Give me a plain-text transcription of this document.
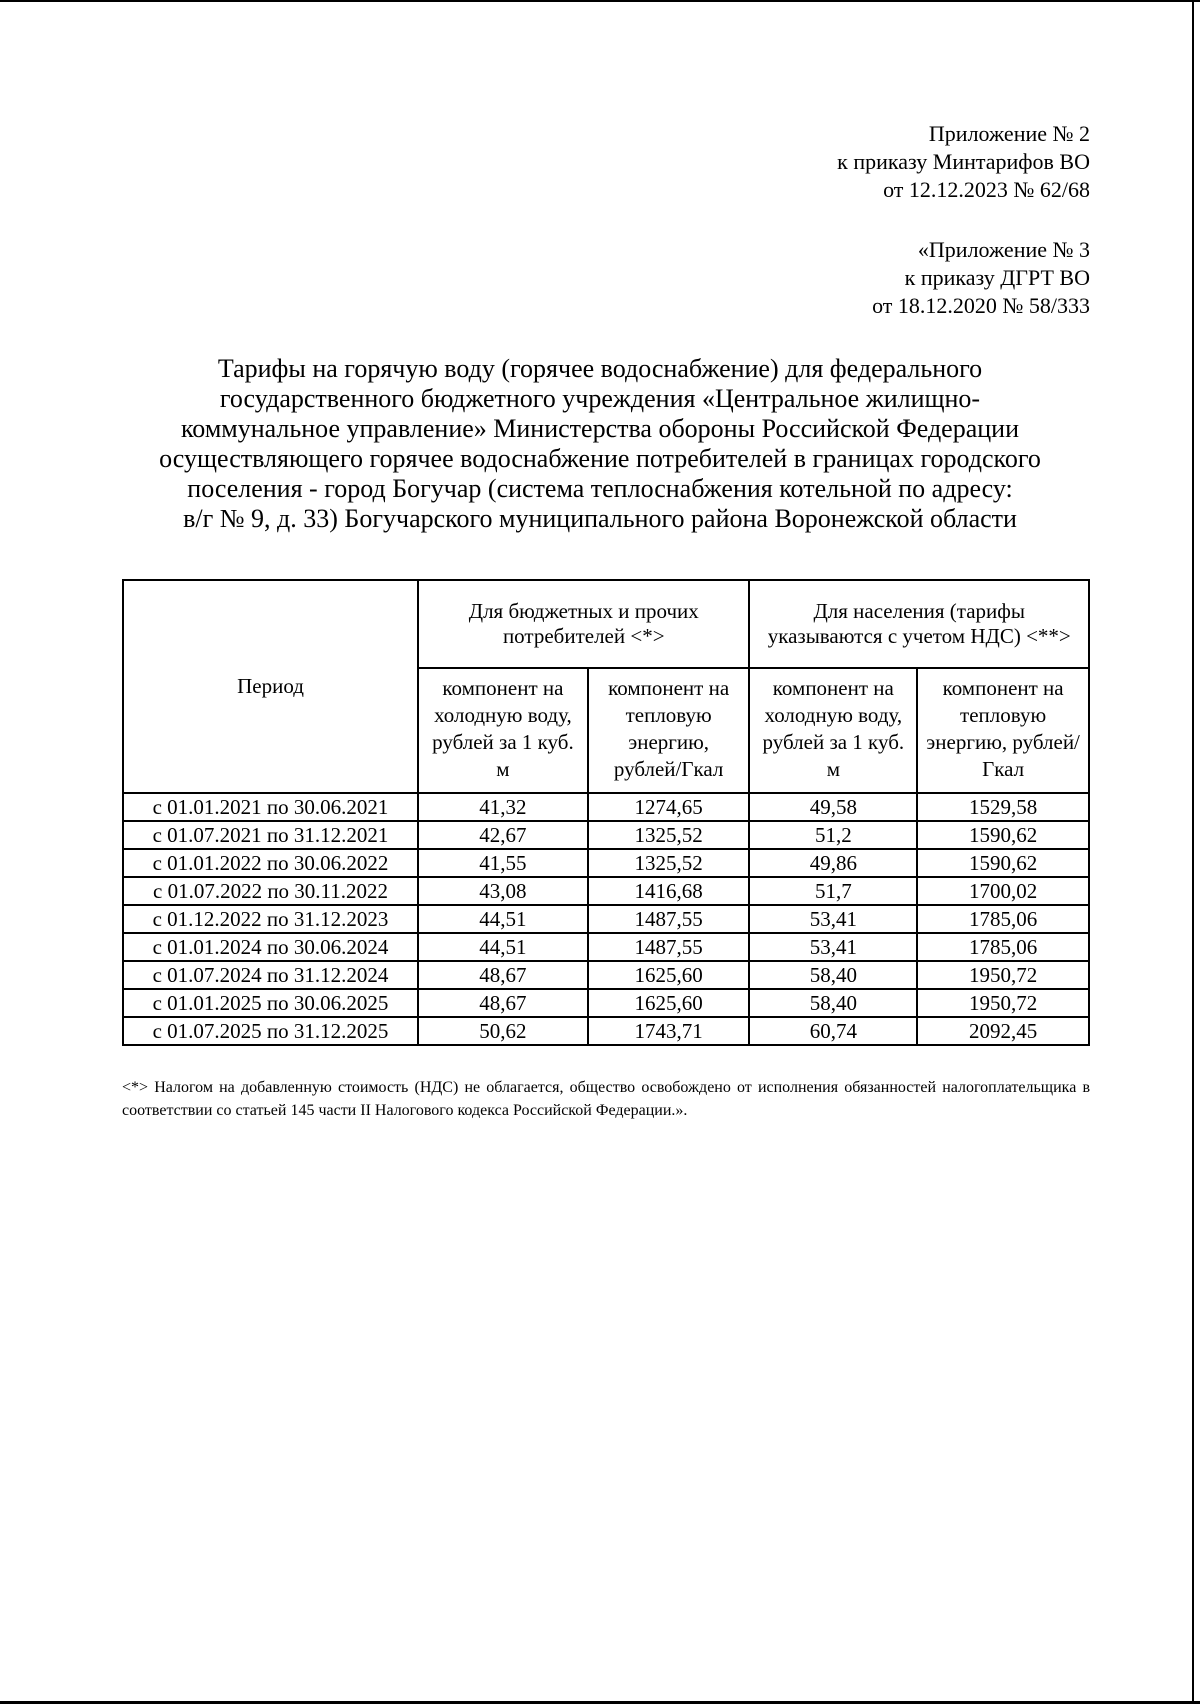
Приложение № 2
к приказу Минтарифов ВО
от 12.12.2023 № 62/68
«Приложение № 3
к приказу ДГРТ ВО
от 18.12.2020 № 58/333
Тарифы на горячую воду (горячее водоснабжение) для федерального
государственного бюджетного учреждения «Центральное жилищно-
коммунальное управление» Министерства обороны Российской Федерации
осуществляющего горячее водоснабжение потребителей в границах городского
поселения - город Богучар (система теплоснабжения котельной по адресу:
в/г № 9, д. 33) Богучарского муниципального района Воронежской области
Период	Для бюджетных и прочих потребителей <*>		Для населения (тарифы указываются с учетом НДС) <**>	
	компонент на холодную воду, рублей за 1 куб. м	компонент на тепловую энергию, рублей/Гкал	компонент на холодную воду, рублей за 1 куб. м	компонент на тепловую энергию, рублей/Гкал
с 01.01.2021 по 30.06.2021	41,32	1274,65	49,58	1529,58
с 01.07.2021 по 31.12.2021	42,67	1325,52	51,2	1590,62
с 01.01.2022 по 30.06.2022	41,55	1325,52	49,86	1590,62
с 01.07.2022 по 30.11.2022	43,08	1416,68	51,7	1700,02
с 01.12.2022 по 31.12.2023	44,51	1487,55	53,41	1785,06
с 01.01.2024 по 30.06.2024	44,51	1487,55	53,41	1785,06
с 01.07.2024 по 31.12.2024	48,67	1625,60	58,40	1950,72
с 01.01.2025 по 30.06.2025	48,67	1625,60	58,40	1950,72
с 01.07.2025 по 31.12.2025	50,62	1743,71	60,74	2092,45
<*> Налогом на добавленную стоимость (НДС) не облагается, общество освобождено от исполнения обязанностей налогоплательщика в соответствии со статьей 145 части II Налогового кодекса Российской Федерации.».
